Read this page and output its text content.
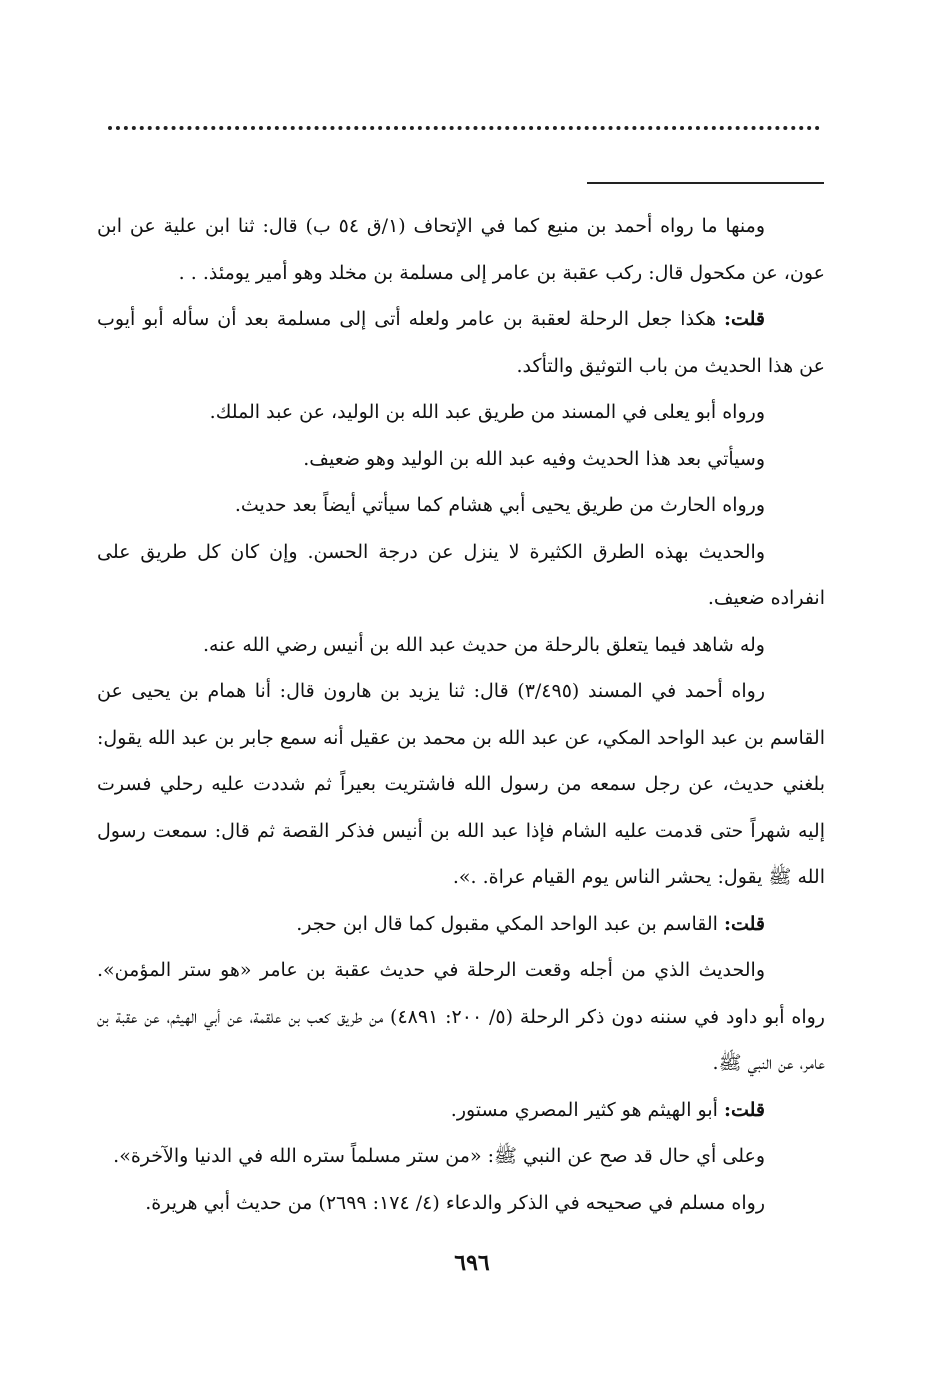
ومنها ما رواه أحمد بن منيع كما في الإتحاف (١/ق ٥٤ ب) قال: ثنا ابن علية عن ابن عون، عن مكحول قال: ركب عقبة بن عامر إلى مسلمة بن مخلد وهو أمير يومئذ. . .

قلت: هكذا جعل الرحلة لعقبة بن عامر ولعله أتى إلى مسلمة بعد أن سأله أبو أيوب عن هذا الحديث من باب التوثيق والتأكد.

ورواه أبو يعلى في المسند من طريق عبد الله بن الوليد، عن عبد الملك.

وسيأتي بعد هذا الحديث وفيه عبد الله بن الوليد وهو ضعيف.

ورواه الحارث من طريق يحيى أبي هشام كما سيأتي أيضاً بعد حديث.

والحديث بهذه الطرق الكثيرة لا ينزل عن درجة الحسن. وإن كان كل طريق على انفراده ضعيف.

وله شاهد فيما يتعلق بالرحلة من حديث عبد الله بن أنيس رضي الله عنه.

رواه أحمد في المسند (٣/٤٩٥) قال: ثنا يزيد بن هارون قال: أنا همام بن يحيى عن القاسم بن عبد الواحد المكي، عن عبد الله بن محمد بن عقيل أنه سمع جابر بن عبد الله يقول: بلغني حديث، عن رجل سمعه من رسول الله فاشتريت بعيراً ثم شددت عليه رحلي فسرت إليه شهراً حتى قدمت عليه الشام فإذا عبد الله بن أنيس فذكر القصة ثم قال: سمعت رسول الله ﷺ يقول: يحشر الناس يوم القيام عراة. .».

قلت: القاسم بن عبد الواحد المكي مقبول كما قال ابن حجر.

والحديث الذي من أجله وقعت الرحلة في حديث عقبة بن عامر «هو ستر المؤمن». رواه أبو داود في سننه دون ذكر الرحلة (٥/ ٢٠٠: ٤٨٩١) من طريق كعب بن علقمة، عن أبي الهيثم، عن عقبة بن عامر، عن النبي ﷺ.

قلت: أبو الهيثم هو كثير المصري مستور.

وعلى أي حال قد صح عن النبي ﷺ: «من ستر مسلماً ستره الله في الدنيا والآخرة».

رواه مسلم في صحيحه في الذكر والدعاء (٤/ ١٧٤: ٢٦٩٩) من حديث أبي هريرة.

٦٩٦
